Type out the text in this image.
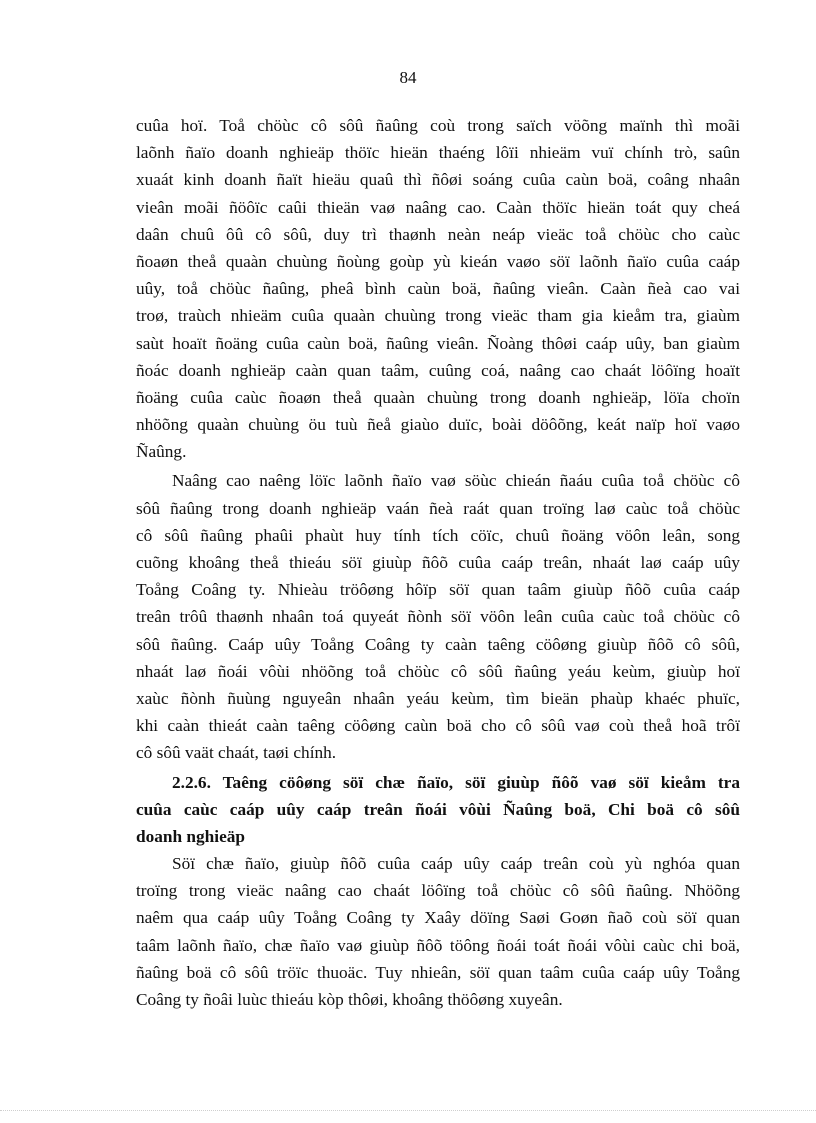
84
cuûa hoï. Toå chöùc cô sôû ñaûng coù trong saïch vöõng maïnh thì moãi
laõnh ñaïo doanh nghieäp thöïc hieän thaéng lôïi nhieäm vuï chính trò, saûn
xuaát kinh doanh ñaït hieäu quaû thì ñôøi soáng cuûa caùn boä, coâng nhaân
vieân moãi ñöôïc caûi thieän vaø naâng cao. Caàn thöïc hieän toát quy cheá
daân chuû ôû cô sôû, duy trì thaønh neàn neáp vieäc toå chöùc cho caùc
ñoaøn theå quaàn chuùng ñoùng goùp yù kieán vaøo söï laõnh ñaïo cuûa caáp
uûy, toå chöùc ñaûng, pheâ bình caùn boä, ñaûng vieân. Caàn ñeà cao vai
troø, traùch nhieäm cuûa quaàn chuùng trong vieäc tham gia kieåm tra, giaùm
saùt hoaït ñoäng cuûa caùn boä, ñaûng vieân. Ñoàng thôøi caáp uûy, ban giaùm
ñoác doanh nghieäp caàn quan taâm, cuûng coá, naâng cao chaát löôïng hoaït
ñoäng cuûa caùc ñoaøn theå quaàn chuùng trong doanh nghieäp, löïa choïn
nhöõng quaàn chuùng öu tuù ñeå giaùo duïc, boài döôõng, keát naïp hoï vaøo
Ñaûng.
Naâng cao naêng löïc laõnh ñaïo vaø söùc chieán ñaáu cuûa toå chöùc cô
sôû ñaûng trong doanh nghieäp vaán ñeà raát quan troïng laø caùc toå chöùc
cô sôû ñaûng phaûi phaùt huy tính tích cöïc, chuû ñoäng vöôn leân, song
cuõng khoâng theå thieáu söï giuùp ñôõ cuûa caáp treân, nhaát laø caáp uûy
Toång Coâng ty. Nhieàu tröôøng hôïp söï quan taâm giuùp ñôõ cuûa caáp
treân trôû thaønh nhaân toá quyeát ñònh söï vöôn leân cuûa caùc toå chöùc cô
sôû ñaûng. Caáp uûy Toång Coâng ty caàn taêng cöôøng giuùp ñôõ cô sôû,
nhaát laø ñoái vôùi nhöõng toå chöùc cô sôû ñaûng yeáu keùm, giuùp hoï
xaùc ñònh ñuùng nguyeân nhaân yeáu keùm, tìm bieän phaùp khaéc phuïc,
khi caàn thieát caàn taêng cöôøng caùn boä cho cô sôû vaø coù theå hoã trôï
cô sôû vaät chaát, taøi chính.
2.2.6. Taêng cöôøng söï chæ ñaïo, söï giuùp ñôõ vaø söï kieåm tra
cuûa caùc caáp uûy caáp treân ñoái vôùi Ñaûng boä, Chi boä cô sôû
doanh nghieäp
Söï chæ ñaïo, giuùp ñôõ cuûa caáp uûy caáp treân coù yù nghóa quan
troïng trong vieäc naâng cao chaát löôïng toå chöùc cô sôû ñaûng. Nhöõng
naêm qua caáp uûy Toång Coâng ty Xaây döïng Saøi Goøn ñaõ coù söï quan
taâm laõnh ñaïo, chæ ñaïo vaø giuùp ñôõ töông ñoái toát ñoái vôùi caùc chi boä,
ñaûng boä cô sôû tröïc thuoäc. Tuy nhieân, söï quan taâm cuûa caáp uûy Toång
Coâng ty ñoâi luùc thieáu kòp thôøi, khoâng thöôøng xuyeân.
